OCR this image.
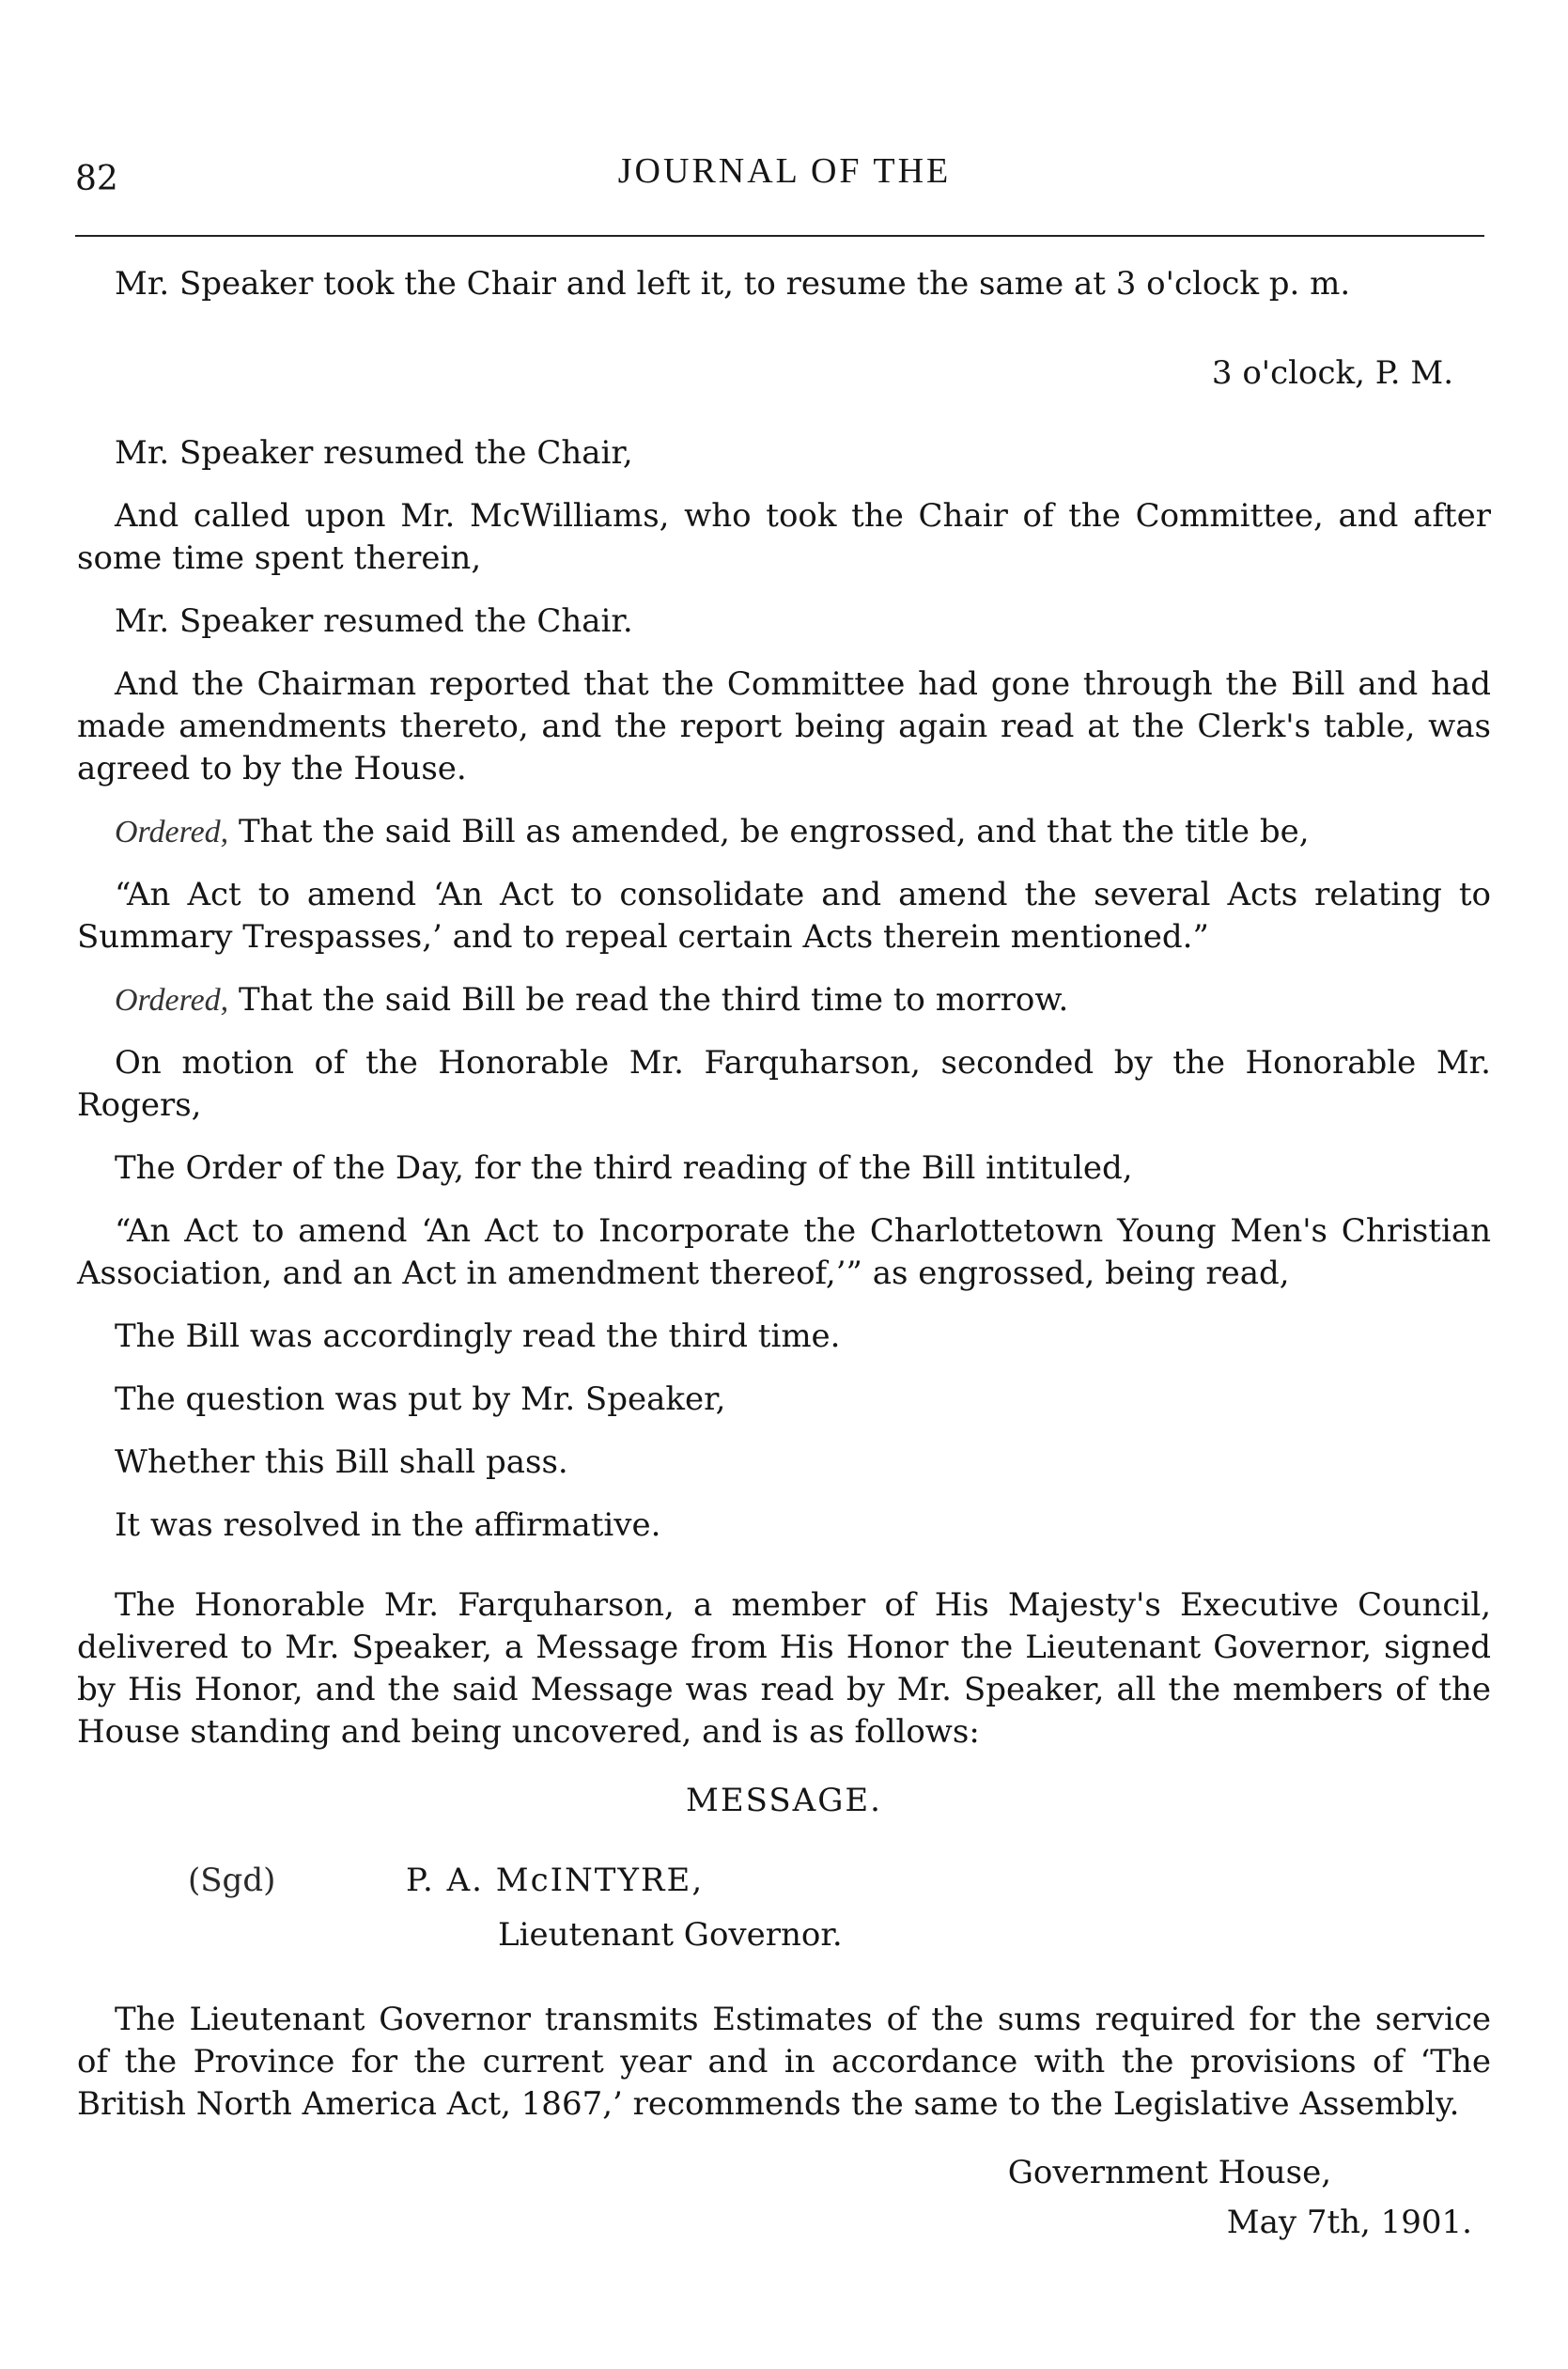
82	JOURNAL OF THE

Mr. Speaker took the Chair and left it, to resume the same at 3 o'clock p. m.

3 o'clock, P. M.

Mr. Speaker resumed the Chair,

And called upon Mr. McWilliams, who took the Chair of the Committee, and after some time spent therein,

Mr. Speaker resumed the Chair.

And the Chairman reported that the Committee had gone through the Bill and had made amendments thereto, and the report being again read at the Clerk's table, was agreed to by the House.

Ordered, That the said Bill as amended, be engrossed, and that the title be,

“An Act to amend ‘An Act to consolidate and amend the several Acts relating to Summary Trespasses,’ and to repeal certain Acts therein mentioned.”

Ordered, That the said Bill be read the third time to morrow.

On motion of the Honorable Mr. Farquharson, seconded by the Honorable Mr. Rogers,

The Order of the Day, for the third reading of the Bill intituled,

“An Act to amend ‘An Act to Incorporate the Charlottetown Young Men's Christian Association, and an Act in amendment thereof,’” as engrossed, being read,

The Bill was accordingly read the third time.

The question was put by Mr. Speaker,

Whether this Bill shall pass.

It was resolved in the affirmative.

The Honorable Mr. Farquharson, a member of His Majesty's Executive Council, delivered to Mr. Speaker, a Message from His Honor the Lieutenant Governor, signed by His Honor, and the said Message was read by Mr. Speaker, all the members of the House standing and being uncovered, and is as follows:

MESSAGE.

(Sgd)	P. A. McINTYRE,
Lieutenant Governor.

The Lieutenant Governor transmits Estimates of the sums required for the service of the Province for the current year and in accordance with the provisions of ‘The British North America Act, 1867,’ recommends the same to the Legislative Assembly.

Government House,
May 7th, 1901.
